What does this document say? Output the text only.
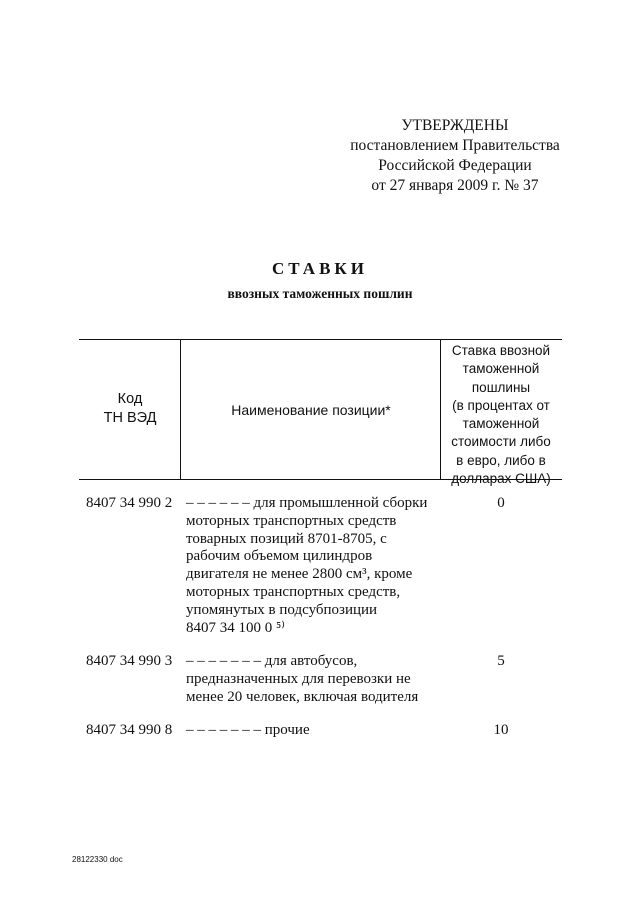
УТВЕРЖДЕНЫ
постановлением Правительства
Российской Федерации
от 27 января 2009 г. № 37
СТАВКИ
ввозных таможенных пошлин
Код
ТН ВЭД	Наименование позиции*
Ставка ввозной
таможенной
пошлины
(в процентах от
таможенной
стоимости либо
в евро, либо в
долларах США)
8407 34 990 2 – – – – – – для промышленной сборки
моторных транспортных средств
товарных позиций 8701-8705, с
рабочим объемом цилиндров
двигателя не менее 2800 см³, кроме
моторных транспортных средств,
упомянутых в подсубпозиции
8407 34 100 0 ⁵⁾
0
8407 34 990 3 – – – – – – – для автобусов,
предназначенных для перевозки не
менее 20 человек, включая водителя
5
8407 34 990 8 – – – – – – – прочие	10
28122330 doc
